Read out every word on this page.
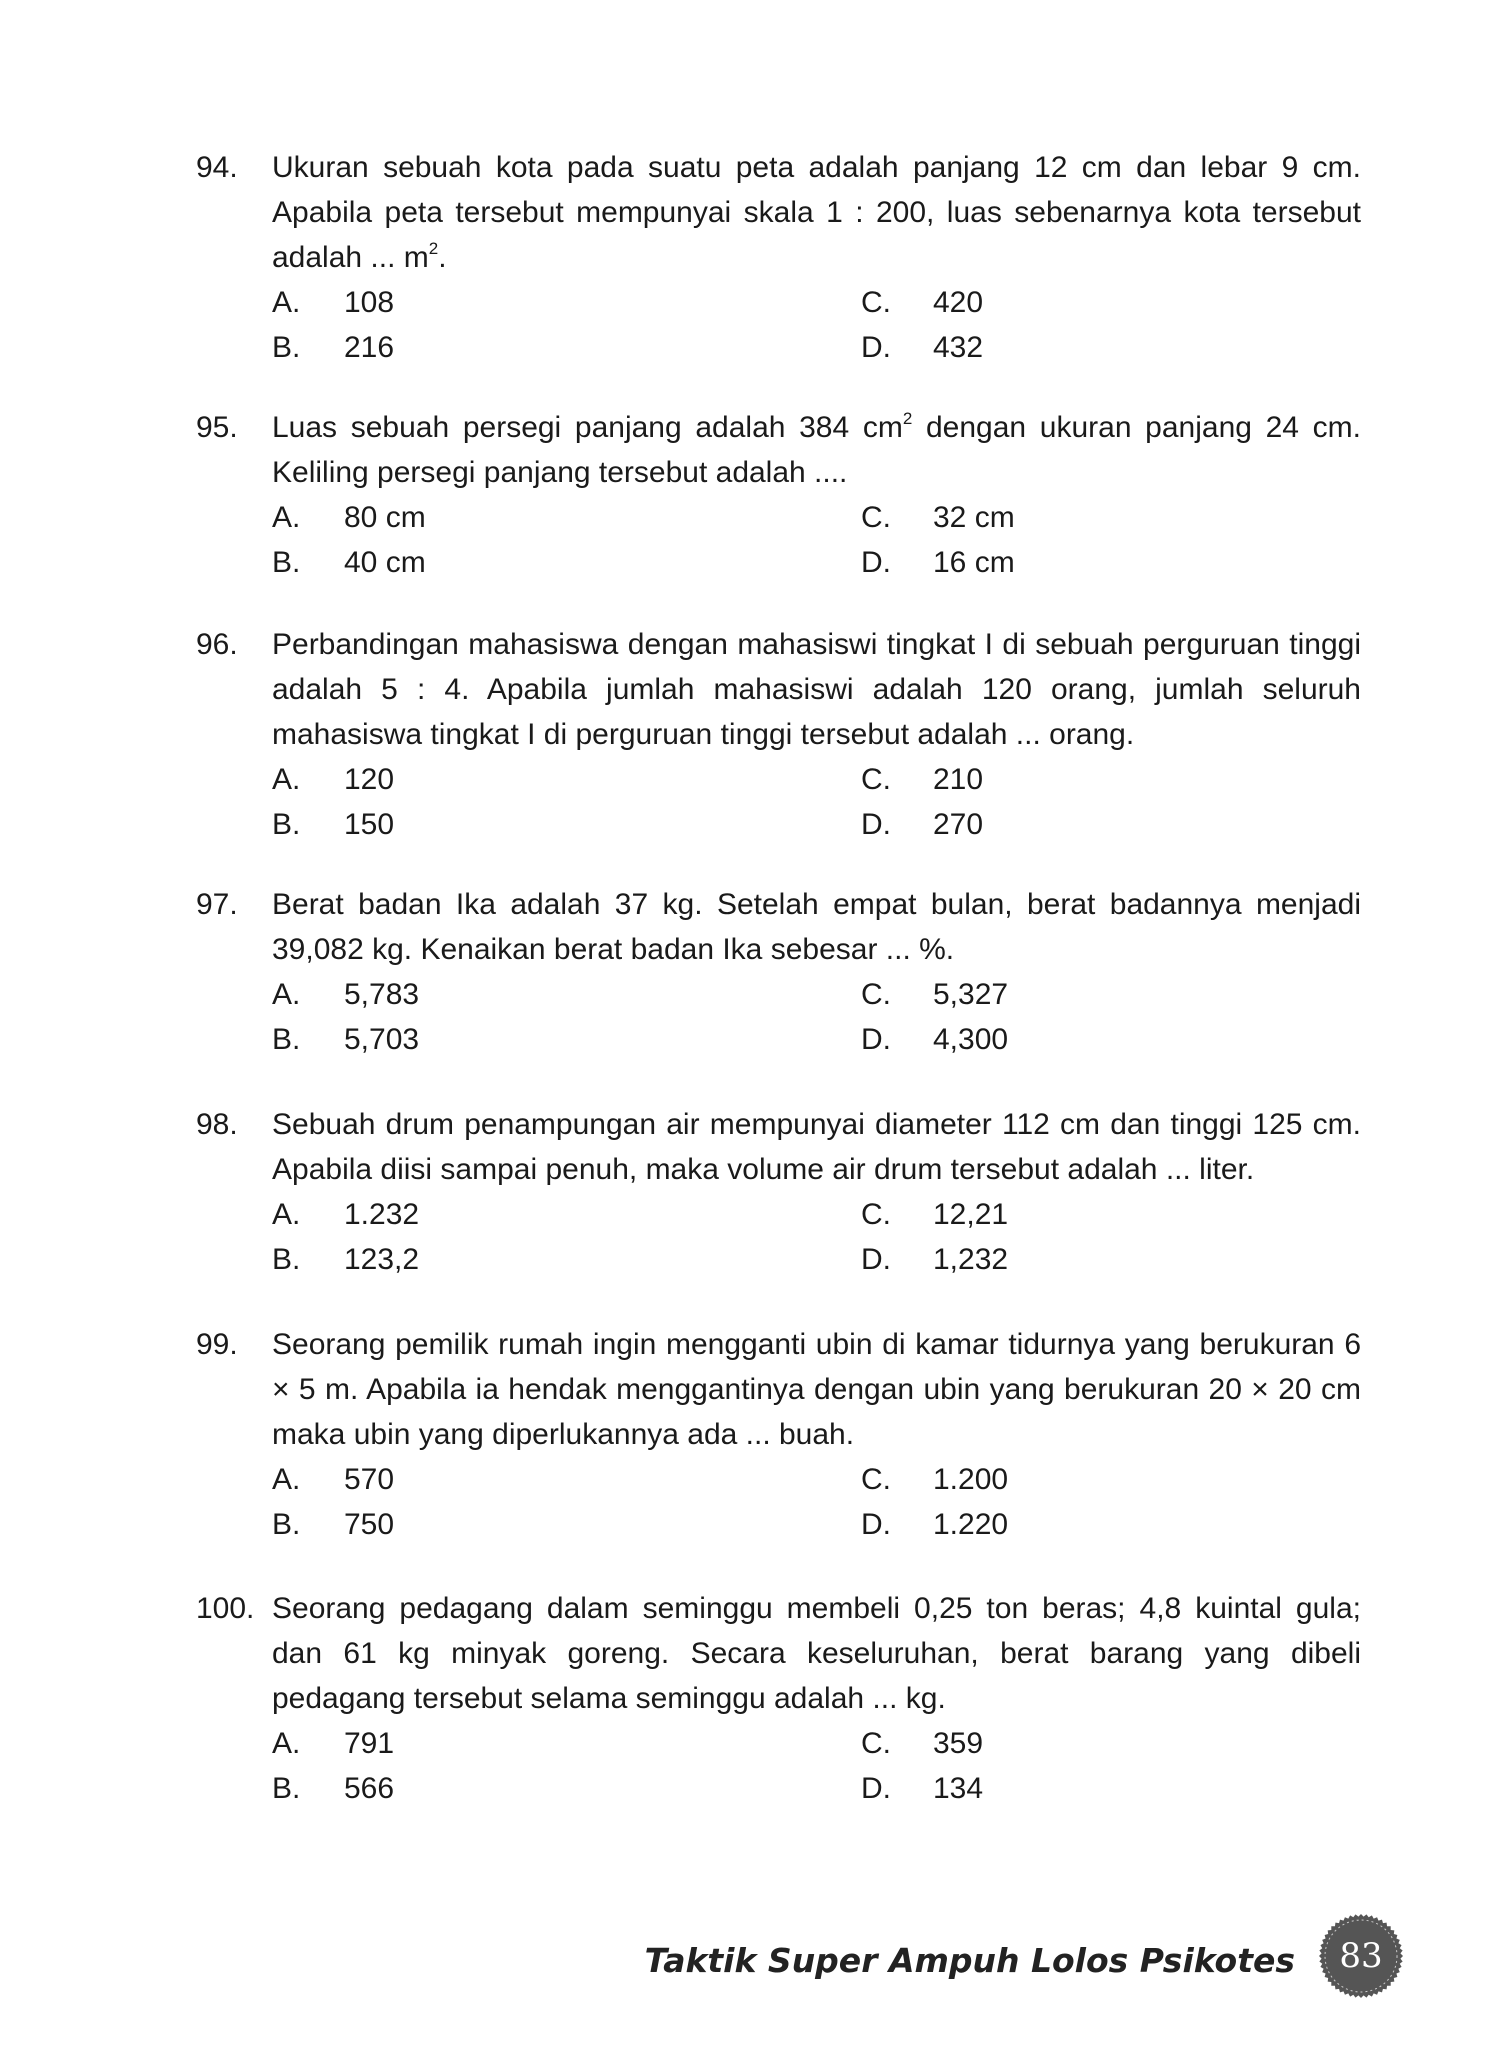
94.	Ukuran sebuah kota pada suatu peta adalah panjang 12 cm dan lebar 9 cm. Apabila peta tersebut mempunyai skala 1 : 200, luas sebenarnya kota tersebut adalah ... $m^2$.
A.	108	C.	420
B.	216	D.	432
95.	Luas sebuah persegi panjang adalah 384 $cm^2$ dengan ukuran panjang 24 cm. Keliling persegi panjang tersebut adalah ....
A.	80 cm	C.	32 cm
B.	40 cm	D.	16 cm
96.	Perbandingan mahasiswa dengan mahasiswi tingkat I di sebuah perguruan tinggi adalah 5 : 4. Apabila jumlah mahasiswi adalah 120 orang, jumlah seluruh mahasiswa tingkat I di perguruan tinggi tersebut adalah ... orang.
A.	120	C.	210
B.	150	D.	270
97.	Berat badan Ika adalah 37 kg. Setelah empat bulan, berat badannya menjadi 39,082 kg. Kenaikan berat badan Ika sebesar ... %.
A.	5,783	C.	5,327
B.	5,703	D.	4,300
98.	Sebuah drum penampungan air mempunyai diameter 112 cm dan tinggi 125 cm. Apabila diisi sampai penuh, maka volume air drum tersebut adalah ... liter.
A.	1.232	C.	12,21
B.	123,2	D.	1,232
99.	Seorang pemilik rumah ingin mengganti ubin di kamar tidurnya yang berukuran 6 × 5 m. Apabila ia hendak menggantinya dengan ubin yang berukuran 20 × 20 cm maka ubin yang diperlukannya ada ... buah.
A.	570	C.	1.200
B.	750	D.	1.220
100. Seorang pedagang dalam seminggu membeli 0,25 ton beras; 4,8 kuintal gula; dan 61 kg minyak goreng. Secara keseluruhan, berat barang yang dibeli pedagang tersebut selama seminggu adalah ... kg.
A.	791	C.	359
B.	566	D.	134
Taktik Super Ampuh Lolos Psikotes	83
